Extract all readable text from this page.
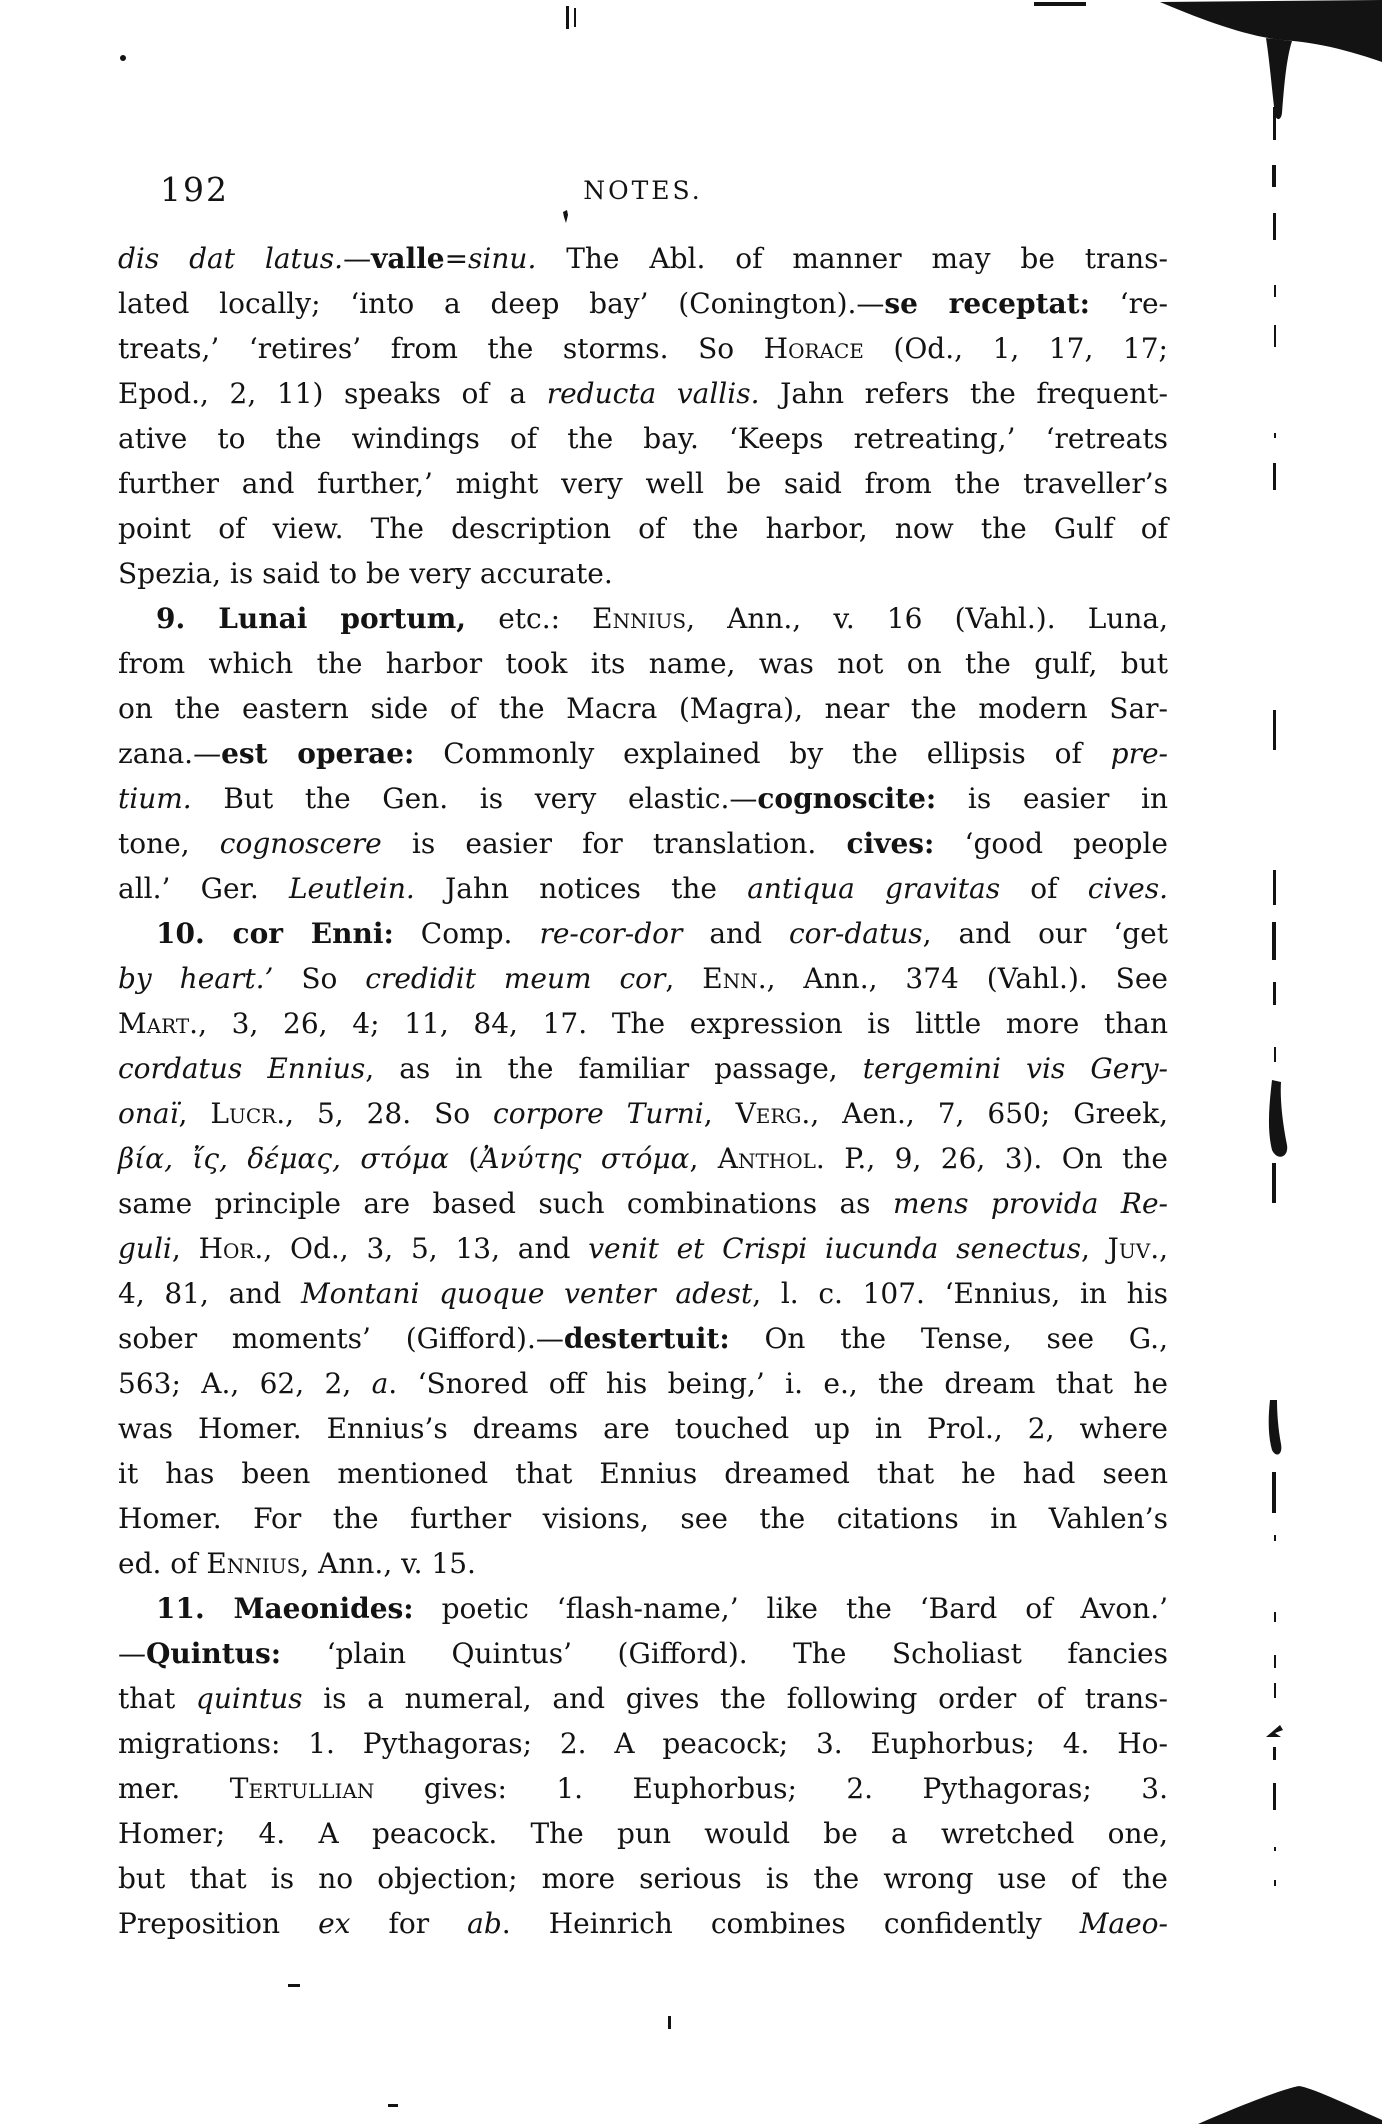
192	NOTES.
dis dat latus.—valle=sinu. The Abl. of manner may be trans-
lated locally; ‘into a deep bay’ (Conington).—se receptat: ‘re-
treats,’ ‘retires’ from the storms. So Horace (Od., 1, 17, 17;
Epod., 2, 11) speaks of a reducta vallis. Jahn refers the frequent-
ative to the windings of the bay. ‘Keeps retreating,’ ‘retreats
further and further,’ might very well be said from the traveller’s
point of view. The description of the harbor, now the Gulf of
Spezia, is said to be very accurate.
9. Lunai portum, etc.: Ennius, Ann., v. 16 (Vahl.). Luna,
from which the harbor took its name, was not on the gulf, but
on the eastern side of the Macra (Magra), near the modern Sar-
zana.—est operae: Commonly explained by the ellipsis of pre-
tium. But the Gen. is very elastic.—cognoscite: is easier in
tone, cognoscere is easier for translation. cives: ‘good people
all.’ Ger. Leutlein. Jahn notices the antiqua gravitas of cives.
10. cor Enni: Comp. re-cor-dor and cor-datus, and our ‘get
by heart.’ So credidit meum cor, Enn., Ann., 374 (Vahl.). See
Mart., 3, 26, 4; 11, 84, 17. The expression is little more than
cordatus Ennius, as in the familiar passage, tergemini vis Gery-
onaï, Lucr., 5, 28. So corpore Turni, Verg., Aen., 7, 650; Greek,
βία, ἴς, δέμας, στόμα (Ἀνύτης στόμα, Anthol. P., 9, 26, 3). On the
same principle are based such combinations as mens provida Re-
guli, Hor., Od., 3, 5, 13, and venit et Crispi iucunda senectus, Juv.,
4, 81, and Montani quoque venter adest, l. c. 107. ‘Ennius, in his
sober moments’ (Gifford).—destertuit: On the Tense, see G.,
563; A., 62, 2, a. ‘Snored off his being,’ i. e., the dream that he
was Homer. Ennius’s dreams are touched up in Prol., 2, where
it has been mentioned that Ennius dreamed that he had seen
Homer. For the further visions, see the citations in Vahlen’s
ed. of Ennius, Ann., v. 15.
11. Maeonides: poetic ‘flash-name,’ like the ‘Bard of Avon.’
—Quintus: ‘plain Quintus’ (Gifford). The Scholiast fancies
that quintus is a numeral, and gives the following order of trans-
migrations: 1. Pythagoras; 2. A peacock; 3. Euphorbus; 4. Ho-
mer. Tertullian gives: 1. Euphorbus; 2. Pythagoras; 3.
Homer; 4. A peacock. The pun would be a wretched one,
but that is no objection; more serious is the wrong use of the
Preposition ex for ab. Heinrich combines confidently Maeo-
